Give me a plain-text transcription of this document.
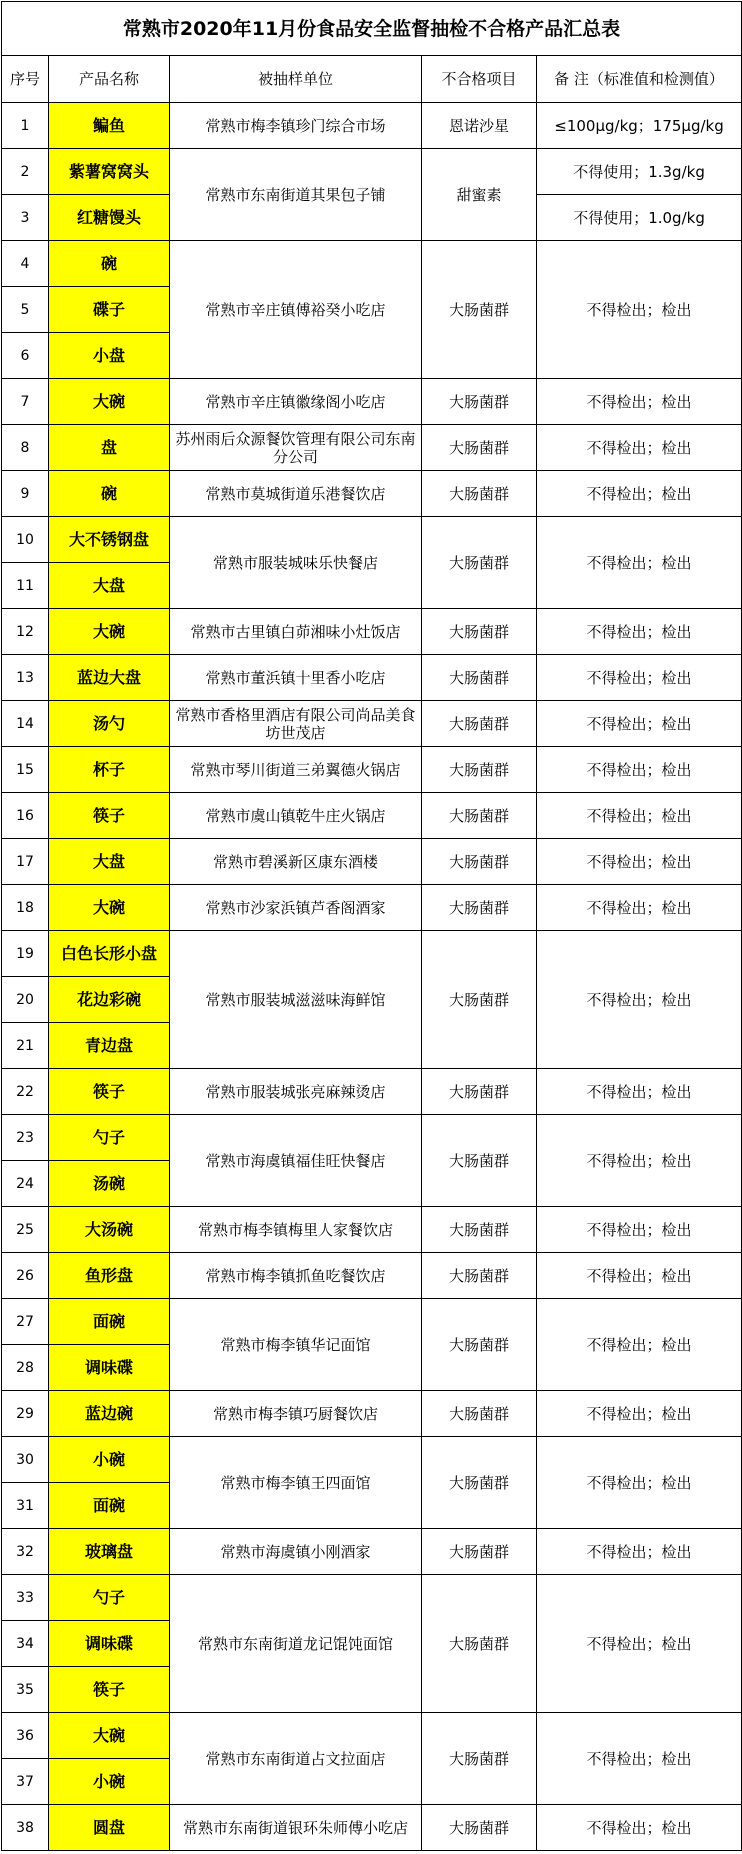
常熟市2020年11月份食品安全监督抽检不合格产品汇总表				
序号	产品名称	被抽样单位	不合格项目	备 注（标准值和检测值）
1	鳊鱼	常熟市梅李镇珍门综合市场	恩诺沙星	≤100μg/kg；175μg/kg
2	紫薯窝窝头	常熟市东南街道其果包子铺	甜蜜素	不得使用；1.3g/kg
3	红糖馒头			不得使用；1.0g/kg
4	碗	常熟市辛庄镇傅裕癸小吃店	大肠菌群	不得检出；检出
5	碟子			
6	小盘			
7	大碗	常熟市辛庄镇徽缘阁小吃店	大肠菌群	不得检出；检出
8	盘	苏州雨后众源餐饮管理有限公司东南分公司	大肠菌群	不得检出；检出
9	碗	常熟市莫城街道乐港餐饮店	大肠菌群	不得检出；检出
10	大不锈钢盘	常熟市服装城味乐快餐店	大肠菌群	不得检出；检出
11	大盘			
12	大碗	常熟市古里镇白茆湘味小灶饭店	大肠菌群	不得检出；检出
13	蓝边大盘	常熟市董浜镇十里香小吃店	大肠菌群	不得检出；检出
14	汤勺	常熟市香格里酒店有限公司尚品美食坊世茂店	大肠菌群	不得检出；检出
15	杯子	常熟市琴川街道三弟翼德火锅店	大肠菌群	不得检出；检出
16	筷子	常熟市虞山镇乾牛庄火锅店	大肠菌群	不得检出；检出
17	大盘	常熟市碧溪新区康东酒楼	大肠菌群	不得检出；检出
18	大碗	常熟市沙家浜镇芦香阁酒家	大肠菌群	不得检出；检出
19	白色长形小盘	常熟市服装城滋滋味海鲜馆	大肠菌群	不得检出；检出
20	花边彩碗			
21	青边盘			
22	筷子	常熟市服装城张亮麻辣烫店	大肠菌群	不得检出；检出
23	勺子	常熟市海虞镇福佳旺快餐店	大肠菌群	不得检出；检出
24	汤碗			
25	大汤碗	常熟市梅李镇梅里人家餐饮店	大肠菌群	不得检出；检出
26	鱼形盘	常熟市梅李镇抓鱼吃餐饮店	大肠菌群	不得检出；检出
27	面碗	常熟市梅李镇华记面馆	大肠菌群	不得检出；检出
28	调味碟			
29	蓝边碗	常熟市梅李镇巧厨餐饮店	大肠菌群	不得检出；检出
30	小碗	常熟市梅李镇王四面馆	大肠菌群	不得检出；检出
31	面碗			
32	玻璃盘	常熟市海虞镇小刚酒家	大肠菌群	不得检出；检出
33	勺子	常熟市东南街道龙记馄饨面馆	大肠菌群	不得检出；检出
34	调味碟			
35	筷子			
36	大碗	常熟市东南街道占文拉面店	大肠菌群	不得检出；检出
37	小碗			
38	圆盘	常熟市东南街道银环朱师傅小吃店	大肠菌群	不得检出；检出
